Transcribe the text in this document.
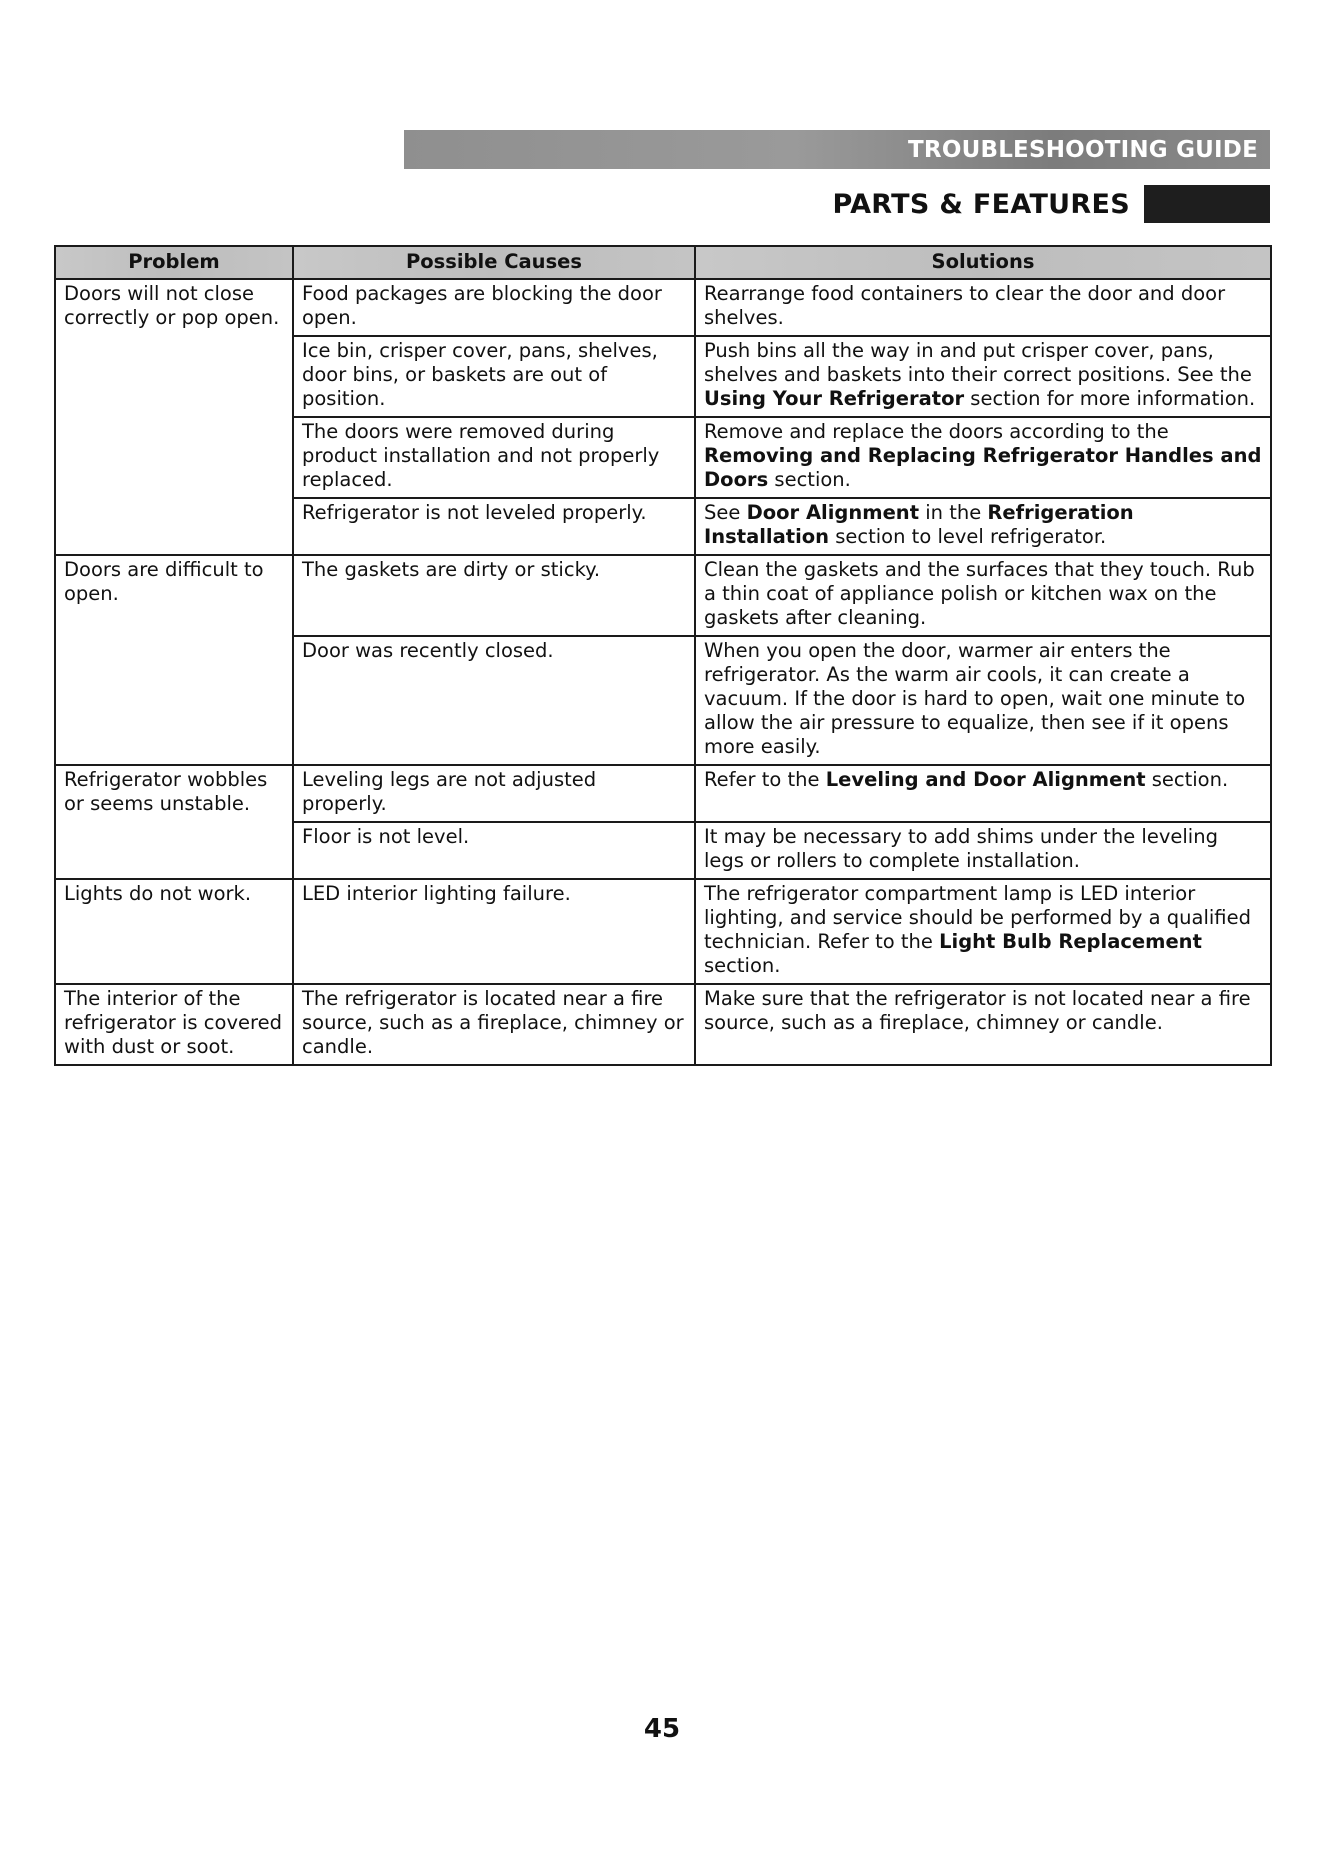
TROUBLESHOOTING GUIDE
PARTS & FEATURES
Problem	Possible Causes	Solutions
Doors will not close correctly or pop open.	Food packages are blocking the door open.	Rearrange food containers to clear the door and door shelves.
	Ice bin, crisper cover, pans, shelves, door bins, or baskets are out of position.	Push bins all the way in and put crisper cover, pans, shelves and baskets into their correct positions. See the Using Your Refrigerator section for more information.
	The doors were removed during product installation and not properly replaced.	Remove and replace the doors according to the Removing and Replacing Refrigerator Handles and Doors section.
	Refrigerator is not leveled properly.	See Door Alignment in the Refrigeration Installation section to level refrigerator.
Doors are difficult to open.	The gaskets are dirty or sticky.	Clean the gaskets and the surfaces that they touch. Rub a thin coat of appliance polish or kitchen wax on the gaskets after cleaning.
	Door was recently closed.	When you open the door, warmer air enters the refrigerator. As the warm air cools, it can create a vacuum. If the door is hard to open, wait one minute to allow the air pressure to equalize, then see if it opens more easily.
Refrigerator wobbles or seems unstable.	Leveling legs are not adjusted properly.	Refer to the Leveling and Door Alignment section.
	Floor is not level.	It may be necessary to add shims under the leveling legs or rollers to complete installation.
Lights do not work.	LED interior lighting failure.	The refrigerator compartment lamp is LED interior lighting, and service should be performed by a qualified technician. Refer to the Light Bulb Replacement section.
The interior of the refrigerator is covered with dust or soot.	The refrigerator is located near a fire source, such as a fireplace, chimney or candle.	Make sure that the refrigerator is not located near a fire source, such as a fireplace, chimney or candle.
45
